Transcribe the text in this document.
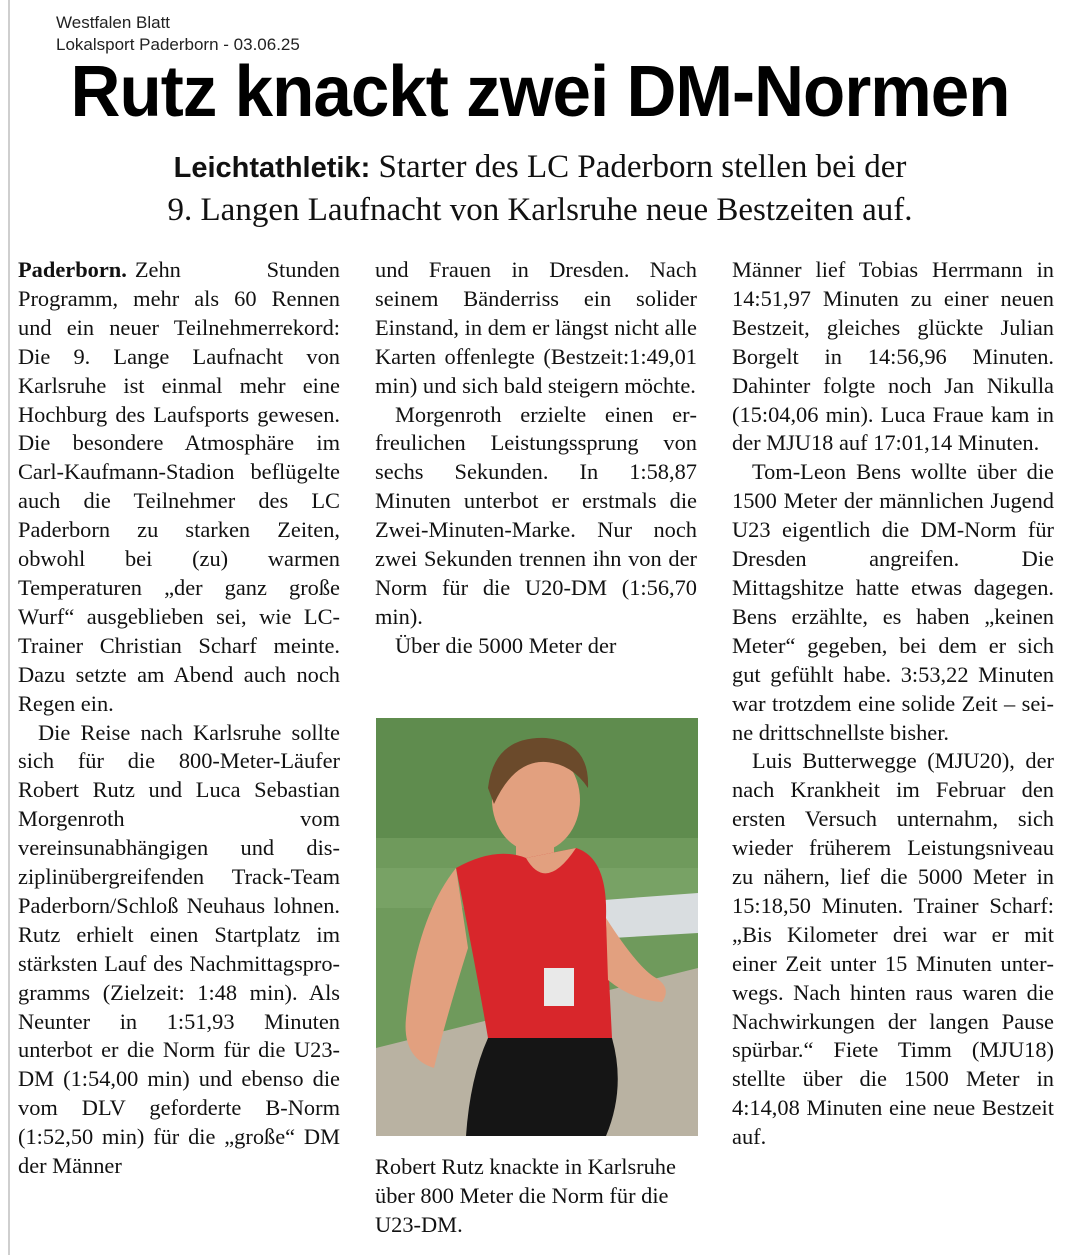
Westfalen Blatt
Lokalsport Paderborn - 03.06.25
Rutz knackt zwei DM-Normen
Leichtathletik: Starter des LC Paderborn stellen bei der
9. Langen Laufnacht von Karlsruhe neue Bestzeiten auf.

Paderborn. Zehn Stunden Programm, mehr als 60 Rennen und ein neuer Teilnehmerrekord: Die 9. Lange Laufnacht von Karlsruhe ist einmal mehr eine Hochburg des Laufsports gewesen. Die besondere Atmosphäre im Carl-Kaufmann-Stadion beflügelte auch die Teilnehmer des LC Paderborn zu starken Zeiten, obwohl bei (zu) warmen Temperaturen „der ganz große Wurf“ ausgeblieben sei, wie LC-Trainer Christian Scharf meinte. Dazu setzte am Abend auch noch Regen ein.

Die Reise nach Karlsruhe sollte sich für die 800-Meter-Läufer Robert Rutz und Luca Sebastian Morgenroth vom vereinsunabhängigen und disziplinübergreifenden Track-Team Paderborn/Schloß Neuhaus lohnen. Rutz erhielt einen Startplatz im stärksten Lauf des Nachmittagsprogramms (Zielzeit: 1:48 min). Als Neunter in 1:51,93 Minuten unterbot er die Norm für die U23-DM (1:54,00 min) und ebenso die vom DLV geforderte B-Norm (1:52,50 min) für die „große“ DM der Männer

und Frauen in Dresden. Nach seinem Bänderriss ein solider Einstand, in dem er längst nicht alle Karten offenlegte (Bestzeit:1:49,01 min) und sich bald steigern möchte.

Morgenroth erzielte einen erfreulichen Leistungssprung von sechs Sekunden. In 1:58,87 Minuten unterbot er erstmals die Zwei-Minuten-Marke. Nur noch zwei Sekunden trennen ihn von der Norm für die U20-DM (1:56,70 min).

Über die 5000 Meter der

Robert Rutz knackte in Karlsruhe über 800 Meter die Norm für die U23-DM.

Männer lief Tobias Herrmann in 14:51,97 Minuten zu einer neuen Bestzeit, gleiches glückte Julian Borgelt in 14:56,96 Minuten. Dahinter folgte noch Jan Nikulla (15:04,06 min). Luca Fraue kam in der MJU18 auf 17:01,14 Minuten.

Tom-Leon Bens wollte über die 1500 Meter der männlichen Jugend U23 eigentlich die DM-Norm für Dresden angreifen. Die Mittagshitze hatte etwas dagegen. Bens erzählte, es haben „keinen Meter“ gegeben, bei dem er sich gut gefühlt habe. 3:53,22 Minuten war trotzdem eine solide Zeit – seine drittschnellste bisher.

Luis Butterwegge (MJU20), der nach Krankheit im Februar den ersten Versuch unternahm, sich wieder früherem Leistungsniveau zu nähern, lief die 5000 Meter in 15:18,50 Minuten. Trainer Scharf: „Bis Kilometer drei war er mit einer Zeit unter 15 Minuten unterwegs. Nach hinten raus waren die Nachwirkungen der langen Pause spürbar.“ Fiete Timm (MJU18) stellte über die 1500 Meter in 4:14,08 Minuten eine neue Bestzeit auf.
